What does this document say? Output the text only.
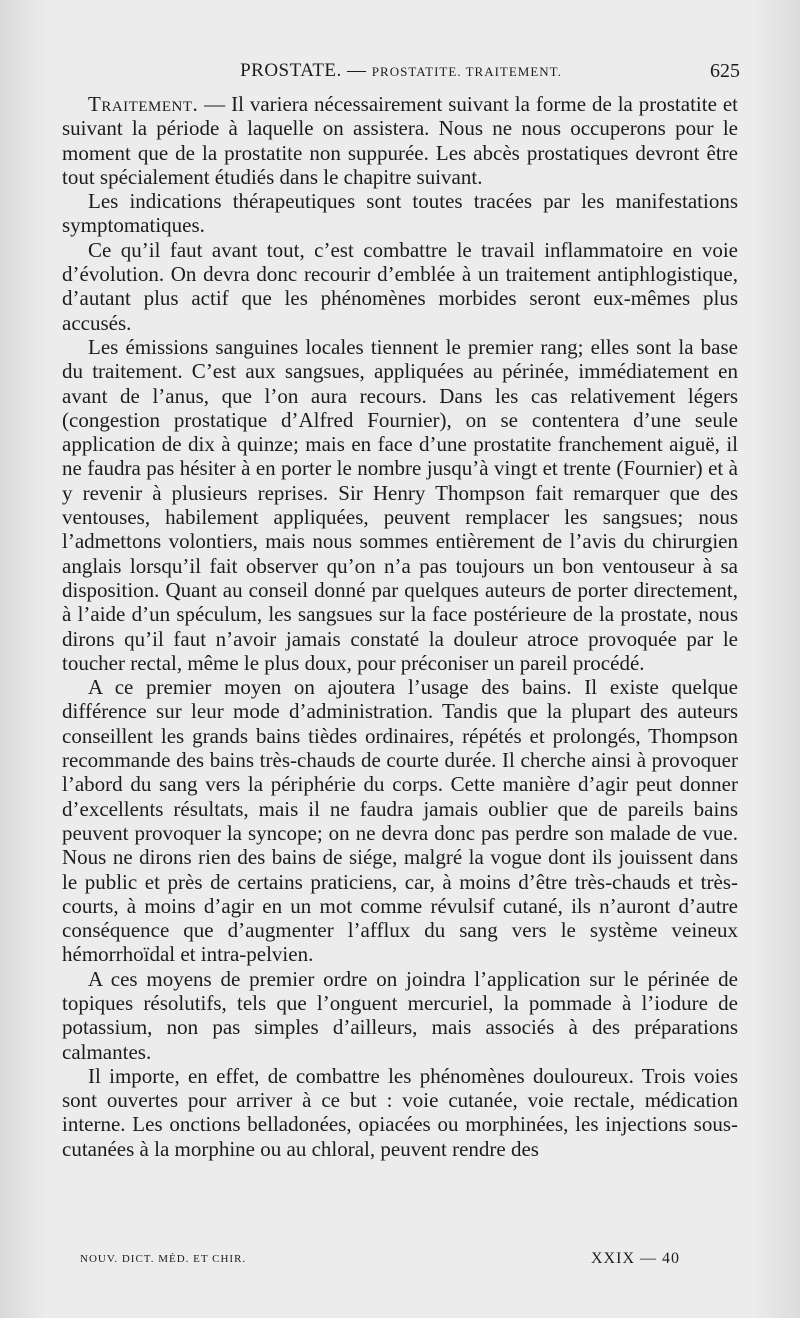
PROSTATE. — PROSTATITE. TRAITEMENT.	625

Traitement. — Il variera nécessairement suivant la forme de la prostatite et suivant la période à laquelle on assistera. Nous ne nous occuperons pour le moment que de la prostatite non suppurée. Les abcès prostatiques devront être tout spécialement étudiés dans le chapitre suivant.

Les indications thérapeutiques sont toutes tracées par les manifestations symptomatiques.

Ce qu’il faut avant tout, c’est combattre le travail inflammatoire en voie d’évolution. On devra donc recourir d’emblée à un traitement antiphlogistique, d’autant plus actif que les phénomènes morbides seront eux-mêmes plus accusés.

Les émissions sanguines locales tiennent le premier rang; elles sont la base du traitement. C’est aux sangsues, appliquées au périnée, immédiatement en avant de l’anus, que l’on aura recours. Dans les cas relativement légers (congestion prostatique d’Alfred Fournier), on se contentera d’une seule application de dix à quinze; mais en face d’une prostatite franchement aiguë, il ne faudra pas hésiter à en porter le nombre jusqu’à vingt et trente (Fournier) et à y revenir à plusieurs reprises. Sir Henry Thompson fait remarquer que des ventouses, habilement appliquées, peuvent remplacer les sangsues; nous l’admettons volontiers, mais nous sommes entièrement de l’avis du chirurgien anglais lorsqu’il fait observer qu’on n’a pas toujours un bon ventouseur à sa disposition. Quant au conseil donné par quelques auteurs de porter directement, à l’aide d’un spéculum, les sangsues sur la face postérieure de la prostate, nous dirons qu’il faut n’avoir jamais constaté la douleur atroce provoquée par le toucher rectal, même le plus doux, pour préconiser un pareil procédé.

A ce premier moyen on ajoutera l’usage des bains. Il existe quelque différence sur leur mode d’administration. Tandis que la plupart des auteurs conseillent les grands bains tièdes ordinaires, répétés et prolongés, Thompson recommande des bains très-chauds de courte durée. Il cherche ainsi à provoquer l’abord du sang vers la périphérie du corps. Cette manière d’agir peut donner d’excellents résultats, mais il ne faudra jamais oublier que de pareils bains peuvent provoquer la syncope; on ne devra donc pas perdre son malade de vue. Nous ne dirons rien des bains de siége, malgré la vogue dont ils jouissent dans le public et près de certains praticiens, car, à moins d’être très-chauds et très-courts, à moins d’agir en un mot comme révulsif cutané, ils n’auront d’autre conséquence que d’augmenter l’afflux du sang vers le système veineux hémorrhoïdal et intra-pelvien.

A ces moyens de premier ordre on joindra l’application sur le périnée de topiques résolutifs, tels que l’onguent mercuriel, la pommade à l’iodure de potassium, non pas simples d’ailleurs, mais associés à des préparations calmantes.

Il importe, en effet, de combattre les phénomènes douloureux. Trois voies sont ouvertes pour arriver à ce but : voie cutanée, voie rectale, médication interne. Les onctions belladonées, opiacées ou morphinées, les injections sous-cutanées à la morphine ou au chloral, peuvent rendre des

NOUV. DICT. MÉD. ET CHIR.	XXIX — 40
